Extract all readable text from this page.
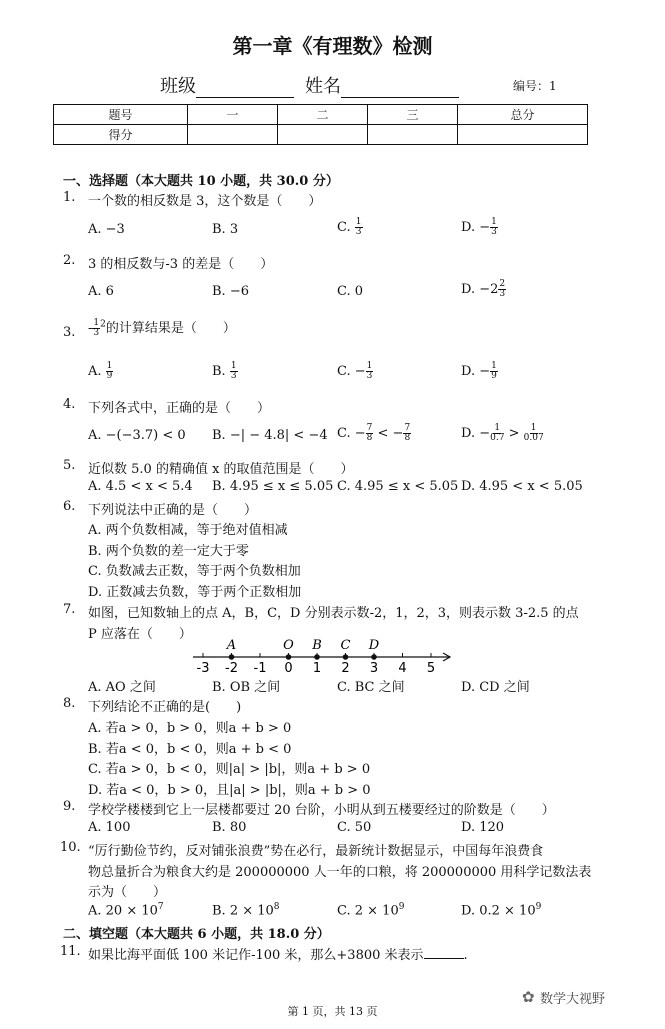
第一章《有理数》检测
班级	姓名	编号：1
题号	一	二	三	总分
得分				
一、选择题（本大题共 10 小题，共 30.0 分）
1. 一个数的相反数是 3，这个数是（　　）
A. −3	B. 3	C. $\frac{1}{3}$	D. − $\frac{1}{3}$
2. 3 的相反数与-3 的差是（　　）
A. 6	B. −6	C. 0	D. $-2 \frac{2}{3}$
3. - $\frac{1}{3} ^2$的计算结果是（　　）
A. $\frac{1}{9}$	B. $\frac{1}{3}$	C. − $\frac{1}{3}$	D. − $\frac{1}{9}$
4. 下列各式中，正确的是（　　）
A. −(−3.7) < 0 B. −| − 4.8| < −4 C. − $\frac{7}{8}$ < − $\frac{7}{8}$	D. − $\frac{1}{0.7} > \frac{1}{0.07}$
5. 近似数 5.0 的精确值 x 的取值范围是（　　）
A. 4.5 < x < 5.4 B. 4.95 ≤ x ≤ 5.05 C. 4.95 ≤ x < 5.05 D. 4.95 < x < 5.05
6. 下列说法中正确的是（　　）
A. 两个负数相减，等于绝对值相减
B. 两个负数的差一定大于零
C. 负数减去正数，等于两个负数相加
D. 正数减去负数，等于两个正数相加
7. 如图，已知数轴上的点 A，B，C，D 分别表示数-2，1，2，3，则表示数 3-2.5 的点
P 应落在（　　）
-3 -2 -1 0 1 2 3 4 5
A	O B C D
A. AO 之间	B. OB 之间	C. BC 之间	D. CD 之间
8. 下列结论不正确的是(　　)
A. 若a > 0，b > 0，则a + b > 0
B. 若a < 0，b < 0，则a + b < 0
C. 若a > 0，b < 0，则|a| > |b|，则a + b > 0
D. 若a < 0，b > 0，且|a| > |b|，则a + b > 0
9. 学校学楼楼到它上一层楼都要过 20 台阶，小明从到五楼要经过的阶数是（　　）
A. 100	B. 80	C. 50	D. 120
10. “厉行勤俭节约，反对铺张浪费”势在必行，最新统计数据显示，中国每年浪费食
物总量折合为粮食大约是 200000000 人一年的口粮，将 200000000 用科学记数法表
示为（　　）
A. $20 \times 10^7$	B. $2 \times 10^8$	C. $2 \times 10^9$	D. $0.2 \times 10^9$
二、填空题（本大题共 6 小题，共 18.0 分）
11. 如果比海平面低 100 米记作-100 米，那么+3800 米表示	.
✿ 数学大视野
第 1 页，共 13 页
